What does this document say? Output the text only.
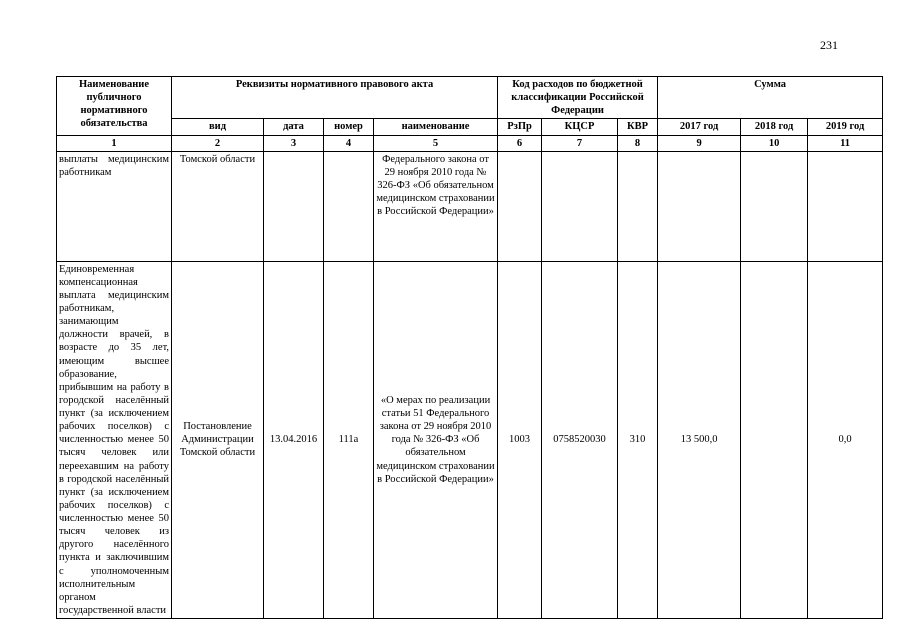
231
Наименование публичного нормативного обязательства	Реквизиты нормативного правового акта				Код расходов по бюджетной классификации Российской Федерации			Сумма		
	вид	дата	номер	наименование	РзПр	КЦСР	КВР	2017 год	2018 год	2019 год
1	2	3	4	5	6	7	8	9	10	11
выплаты медицинским работникам	Томской области			Федерального закона от 29 ноября 2010 года № 326-ФЗ «Об обязательном медицинском страховании в Российской Федерации»						
Единовременная компенсационная выплата медицинским работникам, занимающим должности врачей, в возрасте до 35 лет, имеющим высшее образование, прибывшим на работу в городской населённый пункт (за исключением рабочих поселков) с численностью менее 50 тысяч человек или переехавшим на работу в городской населённый пункт (за исключением рабочих поселков) с численностью менее 50 тысяч человек из другого населённого пункта и заключившим с уполномоченным исполнительным органом государственной власти	Постановление Администрации Томской области	13.04.2016	111а	«О мерах по реализации статьи 51 Федерального закона от 29 ноября 2010 года № 326-ФЗ «Об обязательном медицинском страховании в Российской Федерации»	1003	0758520030	310	13 500,0		0,0
